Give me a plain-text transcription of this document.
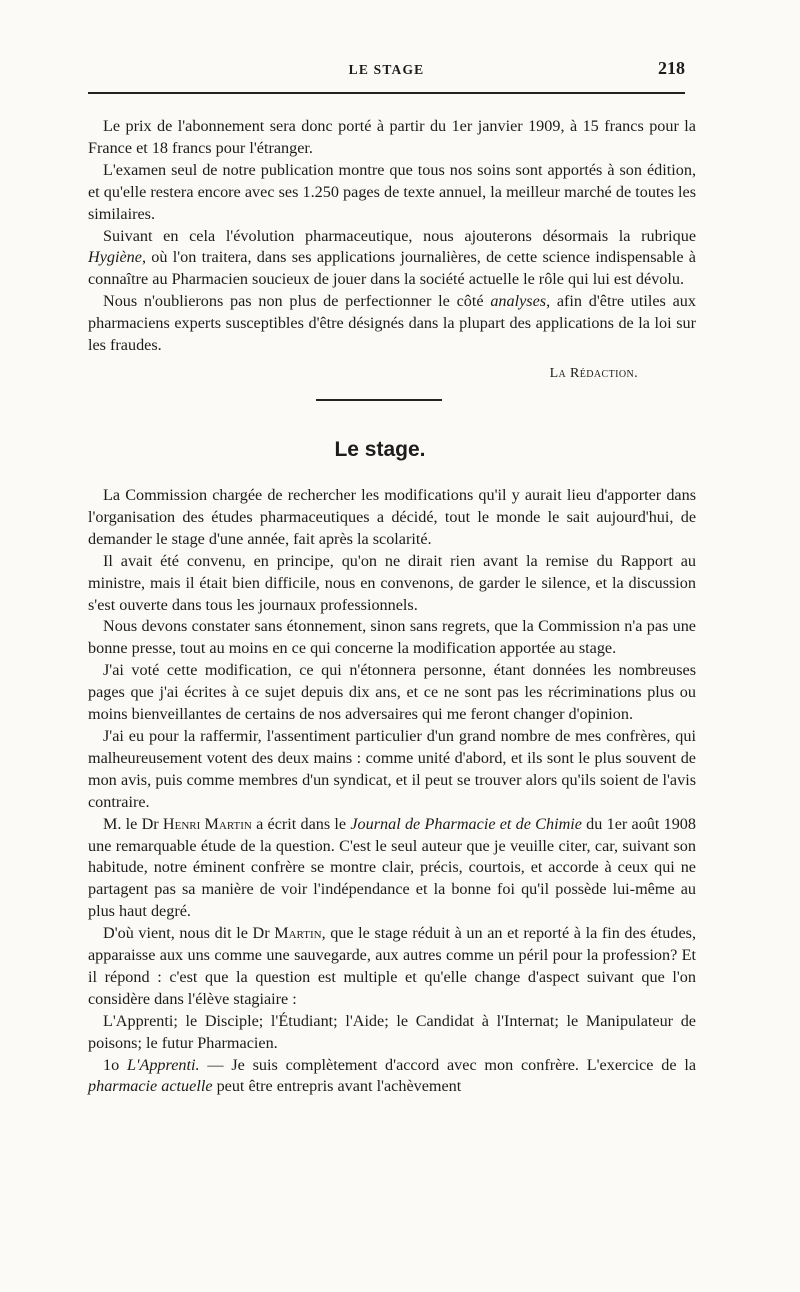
LE STAGE	218

Le prix de l'abonnement sera donc porté à partir du 1er janvier 1909, à 15 francs pour la France et 18 francs pour l'étranger.

L'examen seul de notre publication montre que tous nos soins sont apportés à son édition, et qu'elle restera encore avec ses 1.250 pages de texte annuel, la meilleur marché de toutes les similaires.

Suivant en cela l'évolution pharmaceutique, nous ajouterons désormais la rubrique Hygiène, où l'on traitera, dans ses applications journalières, de cette science indispensable à connaître au Pharmacien soucieux de jouer dans la société actuelle le rôle qui lui est dévolu.

Nous n'oublierons pas non plus de perfectionner le côté analyses, afin d'être utiles aux pharmaciens experts susceptibles d'être désignés dans la plupart des applications de la loi sur les fraudes.

La Rédaction.
Le stage.

La Commission chargée de rechercher les modifications qu'il y aurait lieu d'apporter dans l'organisation des études pharmaceutiques a décidé, tout le monde le sait aujourd'hui, de demander le stage d'une année, fait après la scolarité.

Il avait été convenu, en principe, qu'on ne dirait rien avant la remise du Rapport au ministre, mais il était bien difficile, nous en convenons, de garder le silence, et la discussion s'est ouverte dans tous les journaux professionnels.

Nous devons constater sans étonnement, sinon sans regrets, que la Commission n'a pas une bonne presse, tout au moins en ce qui concerne la modification apportée au stage.

J'ai voté cette modification, ce qui n'étonnera personne, étant données les nombreuses pages que j'ai écrites à ce sujet depuis dix ans, et ce ne sont pas les récriminations plus ou moins bienveillantes de certains de nos adversaires qui me feront changer d'opinion.

J'ai eu pour la raffermir, l'assentiment particulier d'un grand nombre de mes confrères, qui malheureusement votent des deux mains : comme unité d'abord, et ils sont le plus souvent de mon avis, puis comme membres d'un syndicat, et il peut se trouver alors qu'ils soient de l'avis contraire.

M. le Dr Henri Martin a écrit dans le Journal de Pharmacie et de Chimie du 1er août 1908 une remarquable étude de la question. C'est le seul auteur que je veuille citer, car, suivant son habitude, notre éminent confrère se montre clair, précis, courtois, et accorde à ceux qui ne partagent pas sa manière de voir l'indépendance et la bonne foi qu'il possède lui-même au plus haut degré.

D'où vient, nous dit le Dr Martin, que le stage réduit à un an et reporté à la fin des études, apparaisse aux uns comme une sauvegarde, aux autres comme un péril pour la profession? Et il répond : c'est que la question est multiple et qu'elle change d'aspect suivant que l'on considère dans l'élève stagiaire :

L'Apprenti; le Disciple; l'Étudiant; l'Aide; le Candidat à l'Internat; le Manipulateur de poisons; le futur Pharmacien.

1o L'Apprenti. — Je suis complètement d'accord avec mon confrère. L'exercice de la pharmacie actuelle peut être entrepris avant l'achèvement
